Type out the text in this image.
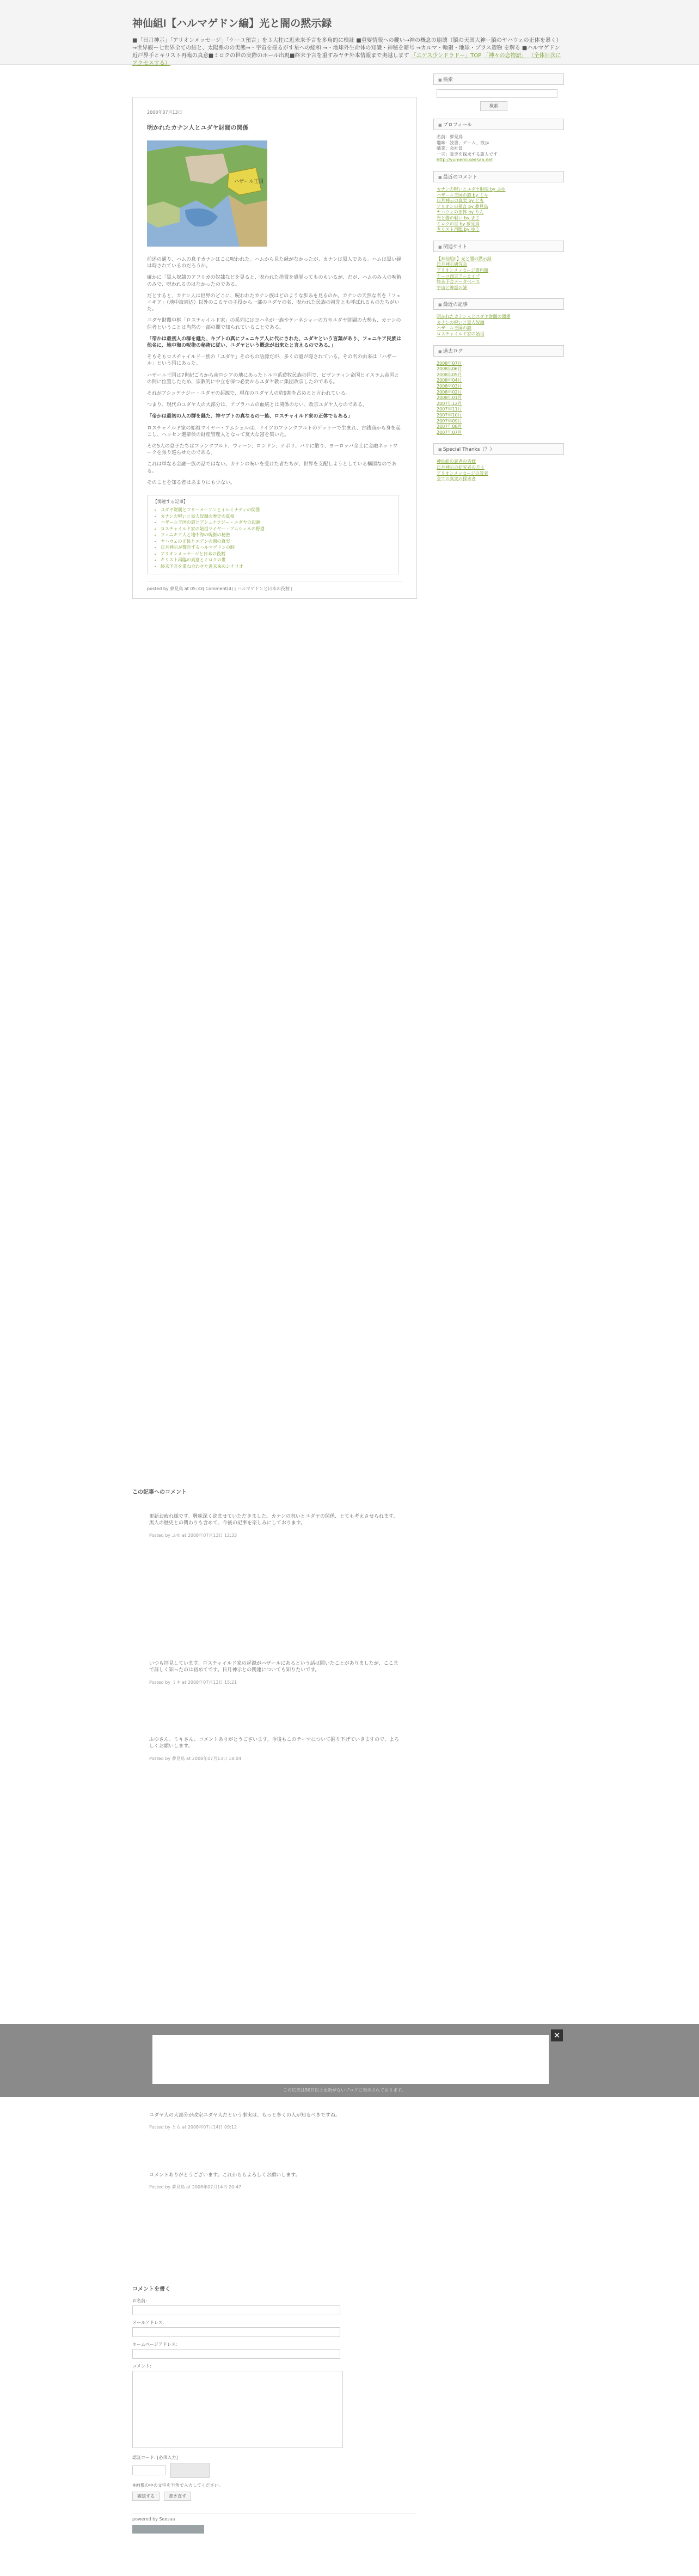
神仙組I【ハルマゲドン編】光と闇の黙示録
■「日月神示」「アリオンメッセージ」「ケーユ預言」を３大柱に近未来予言を多角的に検証 ■重要情報への鍵い→神の概念の崩壊（脳の天国大神ー脳のヤハウェの正体を暴く）→世界観ー七世界全ての結と、太陽系のの実態→・宇宙を揺るがす星への総和 →・地球外生命体の知識・神秘を暗号 →カルマ・輪廻・地球・ブラス造物 を解る ■ハルマゲドン近戸界手とキリスト再臨の真意■ミロクの世の実際のホール出現■終末予言を重すみヤチ外本情報まで奥越します 「エゲス少ンドラドー」TOP 「神々の恋物語」 （全体目次にアクセスする）
2008年07月13日
明かれたカナン人とユダヤ財閥の関係
ハザール王国

前述の通り、ハムの息子カナンはこに呪われた。ハムから見た縁がなかったが、カナンは黒人である。ハムは黒い縁は時されているのだろうか。

確かに「黒人奴隷のアフリカの奴隷などを見ると、呪われた措置を感覚ってものもいるが、だが、ハムのみ人の呪術のみで、呪われるのはなかったのである。

だとすると、カナン人は世界のどこに、呪われたカナン族はどのような歩みを見るのか。カナンの天然な名を「フェニキア」（地中海周辺）以外のこるヤの主役から一部のユダヤの名、呪われた民族の祖先とも呼ばれるものたちがいた。

ユダヤ財閥中枢「ロスチャイルド家」の系列にはヨハネが一族やケーネシャーの方やユダヤ財閥の大勢も、カナンの住者ということは当然の一部の間で知られていることである。

「帝かは最初人の群を継た、キブトの真にフェニキア人に代にされた、ユダヤという言葉があり、フェニキア民族は他名に、地中海の呪術の秘術に従い、ユダヤという概念が出来たと言えるのである。」

そもそもロスチャイルド一族の「ユダヤ」そのもの語源だが、多くの謎が隠されている。その名の由来は「ハザール」という国にあった。

ハザール王国は7世紀ごろから南ロシアの地にあったトルコ系遊牧民族の国で、ビザンティン帝国とイスラム帝国との間に位置したため、宗教的に中立を保つ必要からユダヤ教に集団改宗したのである。

それがアシュケナジー・ユダヤの起源で、現在のユダヤ人の約9割を占めると言われている。

つまり、現代のユダヤ人の大部分は、アブラハムの血統とは関係のない、改宗ユダヤ人なのである。

「帝かは最初の人の群を継た、神ヤブトの真なるの一族、ロスチャイルド家の正体でもある」

ロスチャイルド家の始祖マイヤー・アムシェルは、ドイツのフランクフルトのゲットーで生まれ、古銭商から身を起こし、ヘッセン選帝侯の財産管理人となって莫大な富を築いた。

その5人の息子たちはフランクフルト、ウィーン、ロンドン、ナポリ、パリに散り、ヨーロッパ全土に金融ネットワークを張り巡らせたのである。

これは単なる金融一族の話ではない。カナンの呪いを受けた者たちが、世界を支配しようとしている構図なのである。

そのことを知る者はあまりにも少ない。

【関連する記事】
• ユダヤ財閥とフリーメーソンとイルミナティの関係
• カナンの呪いと黒人奴隷の歴史の真相
• ハザール王国の謎とアシュケナジー・ユダヤの起源
• ロスチャイルド家の始祖マイヤー・アムシェルの野望
• フェニキア人と地中海の呪術の秘密
• ヤハウェの正体とエデンの園の真実
• 日月神示が警告するハルマゲドンの時
• アリオンメッセージと日本の役割
• キリスト再臨の真意とミロクの世
• 終末予言を重ね合わせた近未来のシナリオ
posted by 夢見鳥 at 05:33| Comment(4) | ハルマゲドンと日本の役割 |
この記事へのコメント

更新お疲れ様です。興味深く読ませていただきました。カナンの呪いとユダヤの関係、とても考えさせられます。黒人の歴史との関わりも含めて、今後の記事を楽しみにしております。

Posted by ふゆ at 2008年07月13日 12:33

いつも拝見しています。ロスチャイルド家の起源がハザールにあるという話は聞いたことがありましたが、ここまで詳しく知ったのは初めてです。日月神示との関連についても知りたいです。

Posted by ミキ at 2008年07月13日 15:21

ふゆさん、ミキさん、コメントありがとうございます。今後もこのテーマについて掘り下げていきますので、よろしくお願いします。

Posted by 夢見鳥 at 2008年07月13日 18:04

ユダヤ人の大部分が改宗ユダヤ人だという事実は、もっと多くの人が知るべきですね。

Posted by とも at 2008年07月14日 09:12

コメントありがとうございます。これからもよろしくお願いします。

Posted by 夢見鳥 at 2008年07月14日 20:47
✕
この広告は90日以上更新がないブログに表示されております。
コメントを書く
お名前:
メールアドレス:
ホームページアドレス:
コメント:
認証コード: [必須入力]
※画像の中の文字を半角で入力してください。
確認する	書き直す
powered by Seesaa
■ 検索
検索
■ プロフィール
名前：夢見鳥
趣味：読書、ゲーム、散歩
職業：会社員
一言：真実を探求する旅人です
http://yumemi.seesaa.net
■ 最近のコメント
カナンの呪いとユダヤ財閥 by ふゆ
ハザール王国の謎 by ミキ
日月神示の真実 by とも
アリオンの預言 by 夢見鳥
ヤハウェの正体 by りん
光と闇の戦い by まさ
ミロクの世 by 夢見鳥
キリスト再臨 by ゆう
■ 関連サイト
【神仙組II】光と闇の黙示録
日月神示研究会
アリオンメッセージ資料館
ケーユ預言アーカイブ
終末予言データベース
宇宙と神話の謎
■ 最近の記事
明かれたカナン人とユダヤ財閥の関係
カナンの呪いと黒人奴隷
ハザール王国の謎
ロスチャイルド家の始祖
■ 過去ログ
2008年07月
2008年06月
2008年05月
2008年04月
2008年03月
2008年02月
2008年01月
2007年12月
2007年11月
2007年10月
2007年09月
2007年08月
2007年07月
■ Special Thanks（？）
神仙組の読者の皆様
日月神示の研究者の方々
アリオンメッセージの読者
全ての真実の探求者
